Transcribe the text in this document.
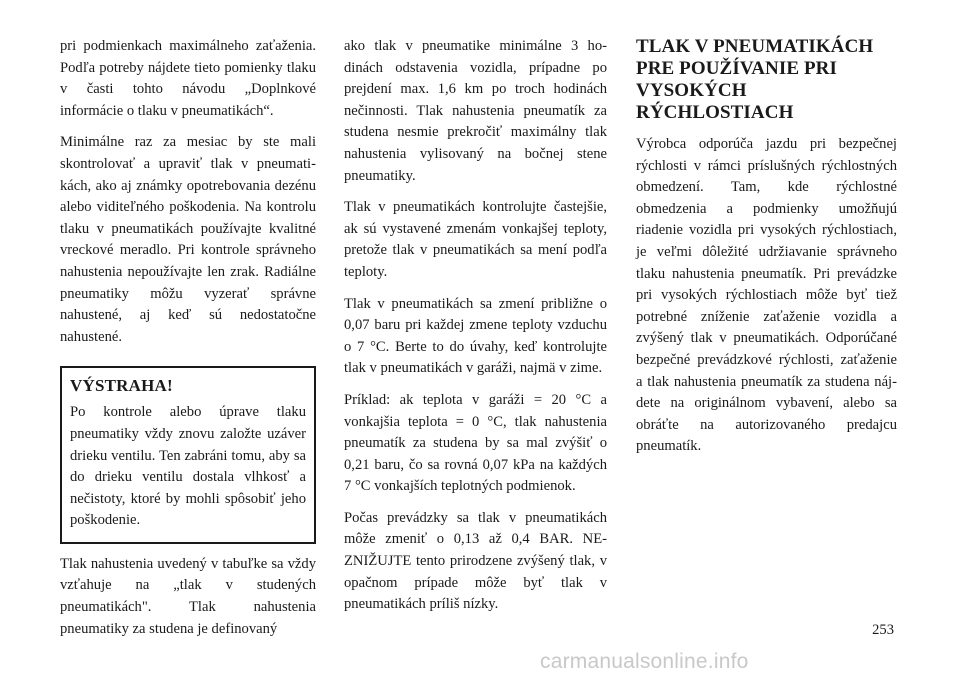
pri podmienkach maximálneho zaťaženia. Podľa potreby nájdete tieto pomienky tlaku v časti tohto návodu „Doplnkové informácie o tlaku v pneumatikách“.

Minimálne raz za mesiac by ste mali skontrolovať a upraviť tlak v pneumatikách, ako aj známky opotrebovania dezénu alebo viditeľného poškodenia. Na kontrolu tlaku v pneumatikách používajte kvalitné vreckové meradlo. Pri kontrole správneho nahustenia nepoužívajte len zrak. Radiálne pneumatiky môžu vyzerať správne nahustené, aj keď sú nedostatočne nahustené.

VÝSTRAHA!

Po kontrole alebo úprave tlaku pneumatiky vždy znovu založte uzáver drieku ventilu. Ten zabráni tomu, aby sa do drieku ventilu dostala vlhkosť a nečistoty, ktoré by mohli spôsobiť jeho poškodenie.

Tlak nahustenia uvedený v tabuľke sa vždy vzťahuje na „tlak v studených pneumatikách". Tlak nahustenia pneumatiky za studena je definovaný

ako tlak v pneumatike minimálne 3 hodinách odstavenia vozidla, prípadne po prejdení max. 1,6 km po troch hodinách nečinnosti. Tlak nahustenia pneumatík za studena nesmie prekročiť maximálny tlak nahustenia vylisovaný na bočnej stene pneumatiky.

Tlak v pneumatikách kontrolujte častejšie, ak sú vystavené zmenám vonkajšej teploty, pretože tlak v pneumatikách sa mení podľa teploty.

Tlak v pneumatikách sa zmení približne o 0,07 baru pri každej zmene teploty vzduchu o 7 °C. Berte to do úvahy, keď kontrolujte tlak v pneumatikách v garáži, najmä v zime.

Príklad: ak teplota v garáži = 20 °C a vonkajšia teplota = 0 °C, tlak nahustenia pneumatík za studena by sa mal zvýšiť o 0,21 baru, čo sa rovná 0,07 kPa na každých 7 °C vonkajších teplotných podmienok.

Počas prevádzky sa tlak v pneumatikách môže zmeniť o 0,13 až 0,4 BAR. NEZNIŽUJTE tento prirodzene zvýšený tlak, v opačnom prípade môže byť tlak v pneumatikách príliš nízky.

TLAK V PNEUMATIKÁCH PRE POUŽÍVANIE PRI VYSOKÝCH RÝCHLOSTIACH

Výrobca odporúča jazdu pri bezpečnej rýchlosti v rámci príslušných rýchlostných obmedzení. Tam, kde rýchlostné obmedzenia a podmienky umožňujú riadenie vozidla pri vysokých rýchlostiach, je veľmi dôležité udržiavanie správneho tlaku nahustenia pneumatík. Pri prevádzke pri vysokých rýchlostiach môže byť tiež potrebné zníženie zaťaženie vozidla a zvýšený tlak v pneumatikách. Odporúčané bezpečné prevádzkové rýchlosti, zaťaženie a tlak nahustenia pneumatík za studena nájdete na originálnom vybavení, alebo sa obráťte na autorizovaného predajcu pneumatík.

253
carmanualsonline.info
